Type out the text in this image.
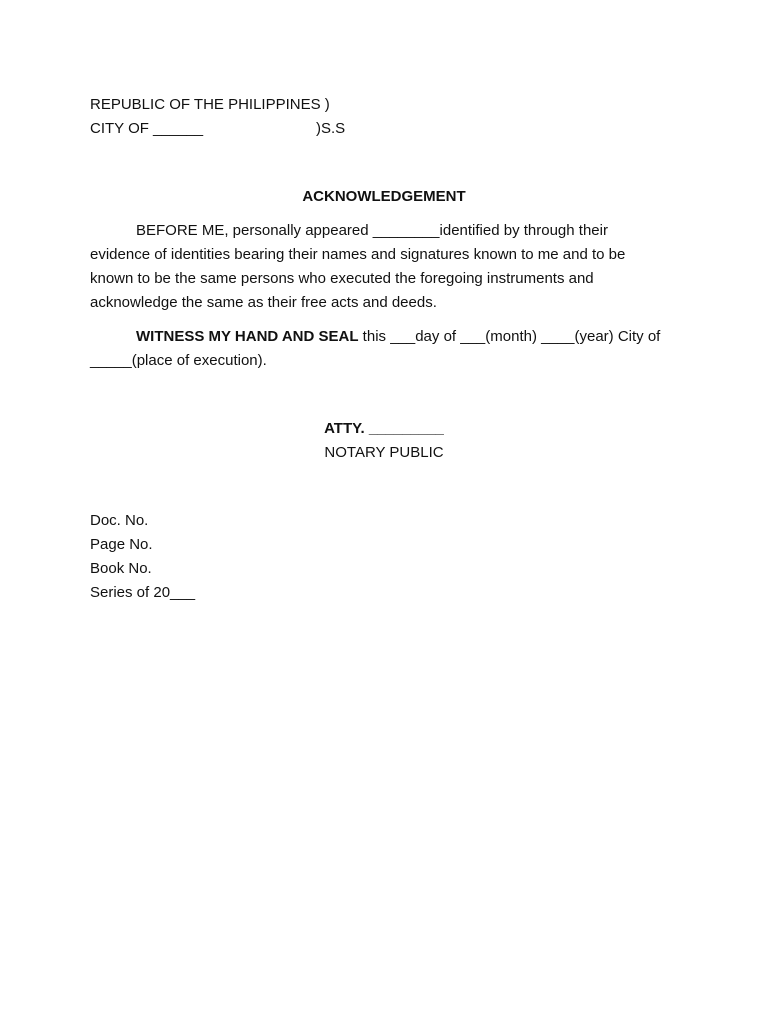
REPUBLIC OF THE PHILIPPINES )
CITY OF ______	)S.S
ACKNOWLEDGEMENT
BEFORE ME, personally appeared ________identified by through their
evidence of identities bearing their names and signatures known to me and to be
known to be the same persons who executed the foregoing instruments and
acknowledge the same as their free acts and deeds.
WITNESS MY HAND AND SEAL this ___day of ___(month) ____(year) City of
_____(place of execution).
ATTY. _________
NOTARY PUBLIC
Doc. No.
Page No.
Book No.
Series of 20___
